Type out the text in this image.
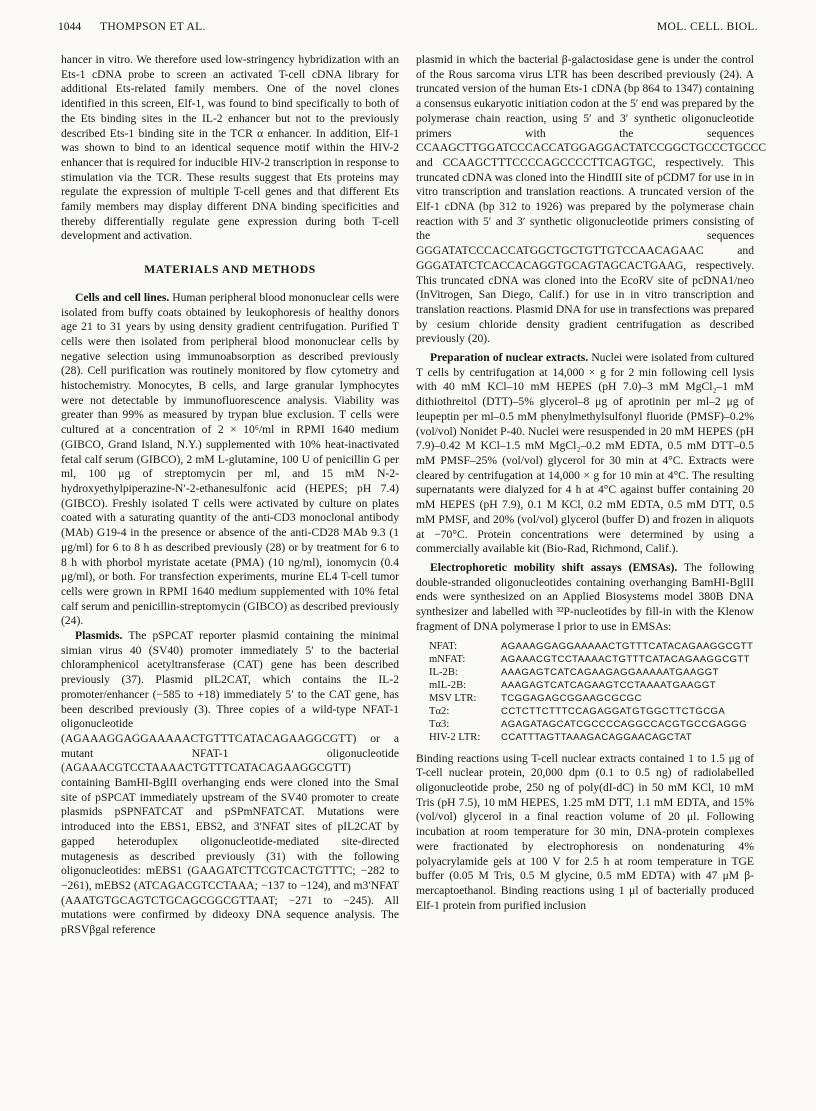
1044 THOMPSON ET AL.	MOL. CELL. BIOL.

hancer in vitro. We therefore used low-stringency hybridization with an Ets-1 cDNA probe to screen an activated T-cell cDNA library for additional Ets-related family members. One of the novel clones identified in this screen, Elf-1, was found to bind specifically to both of the Ets binding sites in the IL-2 enhancer but not to the previously described Ets-1 binding site in the TCR α enhancer. In addition, Elf-1 was shown to bind to an identical sequence motif within the HIV-2 enhancer that is required for inducible HIV-2 transcription in response to stimulation via the TCR. These results suggest that Ets proteins may regulate the expression of multiple T-cell genes and that different Ets family members may display different DNA binding specificities and thereby differentially regulate gene expression during both T-cell development and activation.

MATERIALS AND METHODS

Cells and cell lines. Human peripheral blood mononuclear cells were isolated from buffy coats obtained by leukophoresis of healthy donors age 21 to 31 years by using density gradient centrifugation. Purified T cells were then isolated from peripheral blood mononuclear cells by negative selection using immunoabsorption as described previously (28). Cell purification was routinely monitored by flow cytometry and histochemistry. Monocytes, B cells, and large granular lymphocytes were not detectable by immunofluorescence analysis. Viability was greater than 99% as measured by trypan blue exclusion. T cells were cultured at a concentration of 2 × 10⁶/ml in RPMI 1640 medium (GIBCO, Grand Island, N.Y.) supplemented with 10% heat-inactivated fetal calf serum (GIBCO), 2 mM L-glutamine, 100 U of penicillin G per ml, 100 μg of streptomycin per ml, and 15 mM N-2-hydroxyethylpiperazine-N′-2-ethanesulfonic acid (HEPES; pH 7.4) (GIBCO). Freshly isolated T cells were activated by culture on plates coated with a saturating quantity of the anti-CD3 monoclonal antibody (MAb) G19-4 in the presence or absence of the anti-CD28 MAb 9.3 (1 μg/ml) for 6 to 8 h as described previously (28) or by treatment for 6 to 8 h with phorbol myristate acetate (PMA) (10 ng/ml), ionomycin (0.4 μg/ml), or both. For transfection experiments, murine EL4 T-cell tumor cells were grown in RPMI 1640 medium supplemented with 10% fetal calf serum and penicillin-streptomycin (GIBCO) as described previously (24).

Plasmids. The pSPCAT reporter plasmid containing the minimal simian virus 40 (SV40) promoter immediately 5′ to the bacterial chloramphenicol acetyltransferase (CAT) gene has been described previously (37). Plasmid pIL2CAT, which contains the IL-2 promoter/enhancer (−585 to +18) immediately 5′ to the CAT gene, has been described previously (3). Three copies of a wild-type NFAT-1 oligonucleotide (AGAAAGGAGGAAAAACTGTTTCATACAGAAGGCGTT) or a mutant NFAT-1 oligonucleotide (AGAAACGTCCTAAAACTGTTTCATACAGAAGGCGTT) containing BamHI-BglII overhanging ends were cloned into the SmaI site of pSPCAT immediately upstream of the SV40 promoter to create plasmids pSPNFATCAT and pSPmNFATCAT. Mutations were introduced into the EBS1, EBS2, and 3′NFAT sites of pIL2CAT by gapped heteroduplex oligonucleotide-mediated site-directed mutagenesis as described previously (31) with the following oligonucleotides: mEBS1 (GAAGATCTTCGTCACTGTTTC; −282 to −261), mEBS2 (ATCAGACGTCCTAAA; −137 to −124), and m3′NFAT (AAATGTGCAGTCTGCAGCGGCGTTAAT; −271 to −245). All mutations were confirmed by dideoxy DNA sequence analysis. The pRSVβgal reference

plasmid in which the bacterial β-galactosidase gene is under the control of the Rous sarcoma virus LTR has been described previously (24). A truncated version of the human Ets-1 cDNA (bp 864 to 1347) containing a consensus eukaryotic initiation codon at the 5′ end was prepared by the polymerase chain reaction, using 5′ and 3′ synthetic oligonucleotide primers with the sequences CCAAGCTTGGATCCCACCATGGAGGACTATCCGGCTGCCCTGCCC and CCAAGCTTTCCCCAGCCCCTTCAGTGC, respectively. This truncated cDNA was cloned into the HindIII site of pCDM7 for use in in vitro transcription and translation reactions. A truncated version of the Elf-1 cDNA (bp 312 to 1926) was prepared by the polymerase chain reaction with 5′ and 3′ synthetic oligonucleotide primers consisting of the sequences GGGATATCCCACCATGGCTGCTGTTGTCCAACAGAAC and GGGATATCTCACCACAGGTGCAGTAGCACTGAAG, respectively. This truncated cDNA was cloned into the EcoRV site of pcDNA1/neo (InVitrogen, San Diego, Calif.) for use in in vitro transcription and translation reactions. Plasmid DNA for use in transfections was prepared by cesium chloride density gradient centrifugation as described previously (20).

Preparation of nuclear extracts. Nuclei were isolated from cultured T cells by centrifugation at 14,000 × g for 2 min following cell lysis with 40 mM KCl–10 mM HEPES (pH 7.0)–3 mM MgCl₂–1 mM dithiothreitol (DTT)–5% glycerol–8 μg of aprotinin per ml–2 μg of leupeptin per ml–0.5 mM phenylmethylsulfonyl fluoride (PMSF)–0.2% (vol/vol) Nonidet P-40. Nuclei were resuspended in 20 mM HEPES (pH 7.9)–0.42 M KCl–1.5 mM MgCl₂–0.2 mM EDTA, 0.5 mM DTT–0.5 mM PMSF–25% (vol/vol) glycerol for 30 min at 4°C. Extracts were cleared by centrifugation at 14,000 × g for 10 min at 4°C. The resulting supernatants were dialyzed for 4 h at 4°C against buffer containing 20 mM HEPES (pH 7.9), 0.1 M KCl, 0.2 mM EDTA, 0.5 mM DTT, 0.5 mM PMSF, and 20% (vol/vol) glycerol (buffer D) and frozen in aliquots at −70°C. Protein concentrations were determined by using a commercially available kit (Bio-Rad, Richmond, Calif.).

Electrophoretic mobility shift assays (EMSAs). The following double-stranded oligonucleotides containing overhanging BamHI-BglII ends were synthesized on an Applied Biosystems model 380B DNA synthesizer and labelled with ³²P-nucleotides by fill-in with the Klenow fragment of DNA polymerase I prior to use in EMSAs:

NFAT:	AGAAAGGAGGAAAAACTGTTTCATACAGAAGGCGTT
mNFAT:	AGAAACGTCCTAAAACTGTTTCATACAGAAGGCGTT
IL-2B:	AAAGAGTCATCAGAAGAGGAAAAATGAAGGT
mIL-2B:	AAAGAGTCATCAGAAGTCCTAAAATGAAGGT
MSV LTR:	TCGGAGAGCGGAAGCGCGC
Tα2:	CCTCTTCTTTCCAGAGGATGTGGCTTCTGCGA
Tα3:	AGAGATAGCATCGCCCCAGGCCACGTGCCGAGGG
HIV-2 LTR:	CCATTTAGTTAAAGACAGGAACAGCTAT

Binding reactions using T-cell nuclear extracts contained 1 to 1.5 μg of T-cell nuclear protein, 20,000 dpm (0.1 to 0.5 ng) of radiolabelled oligonucleotide probe, 250 ng of poly(dI-dC) in 50 mM KCl, 10 mM Tris (pH 7.5), 10 mM HEPES, 1.25 mM DTT, 1.1 mM EDTA, and 15% (vol/vol) glycerol in a final reaction volume of 20 μl. Following incubation at room temperature for 30 min, DNA-protein complexes were fractionated by electrophoresis on nondenaturing 4% polyacrylamide gels at 100 V for 2.5 h at room temperature in TGE buffer (0.05 M Tris, 0.5 M glycine, 0.5 mM EDTA) with 47 μM β-mercaptoethanol. Binding reactions using 1 μl of bacterially produced Elf-1 protein from purified inclusion
